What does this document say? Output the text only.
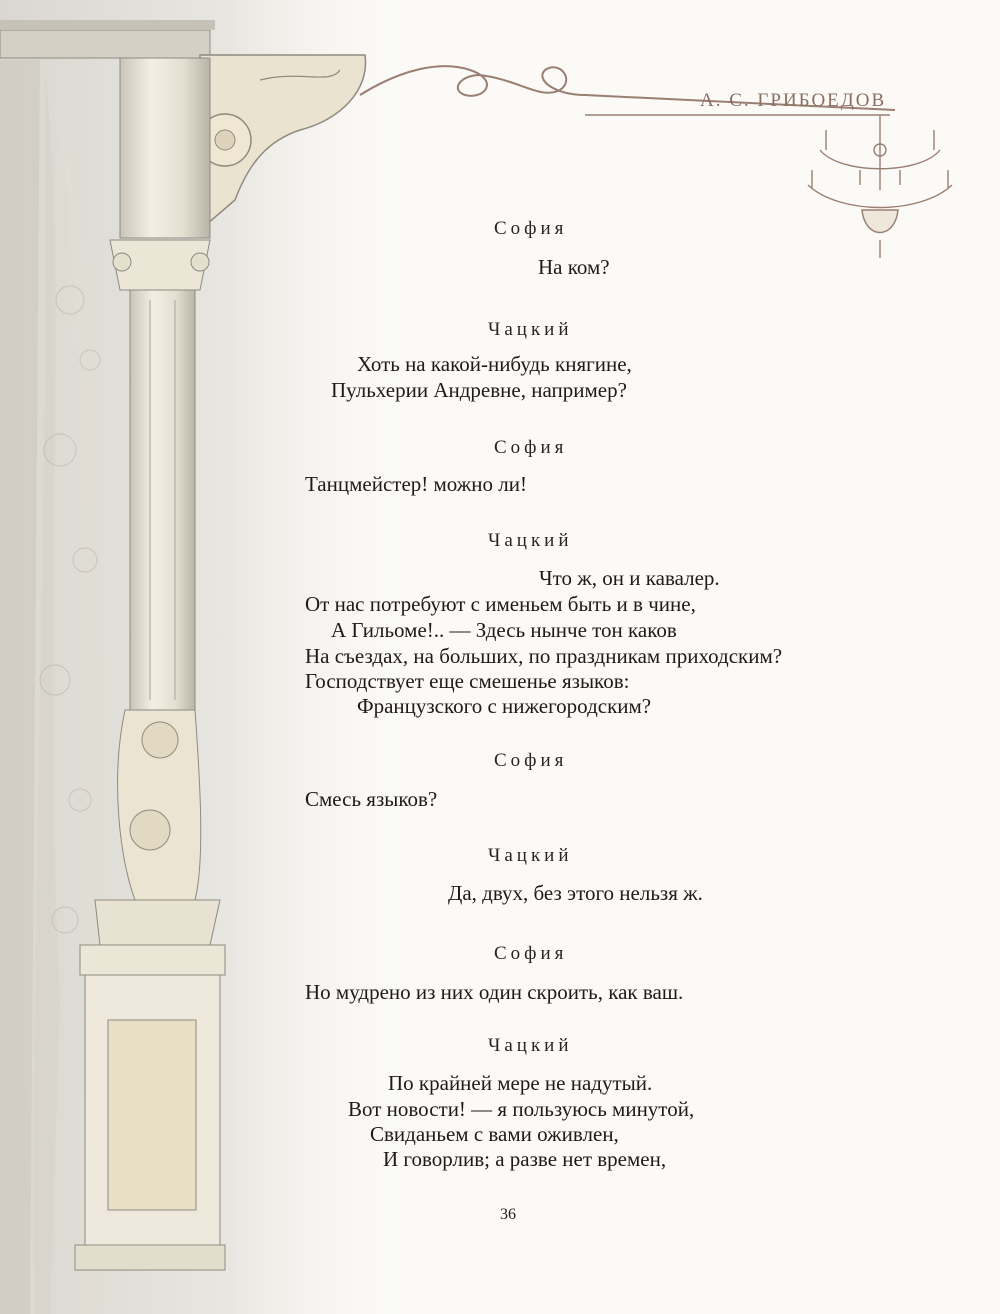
А. С. ГРИБОЕДОВ
София
Чацкий
София
Чацкий
София
Чацкий
София
Чацкий
На ком?
Хоть на какой-нибудь княгине,
Пульхерии Андревне, например?
Танцмейстер! можно ли!
Что ж, он и кавалер.
От нас потребуют с именьем быть и в чине,
А Гильоме!.. — Здесь нынче тон каков
На съездах, на больших, по праздникам приходским?
Господствует еще смешенье языков:
Французского с нижегородским?
Смесь языков?
Да, двух, без этого нельзя ж.
Но мудрено из них один скроить, как ваш.
По крайней мере не надутый.
Вот новости! — я пользуюсь минутой,
Свиданьем с вами оживлен,
И говорлив; а разве нет времен,
36
